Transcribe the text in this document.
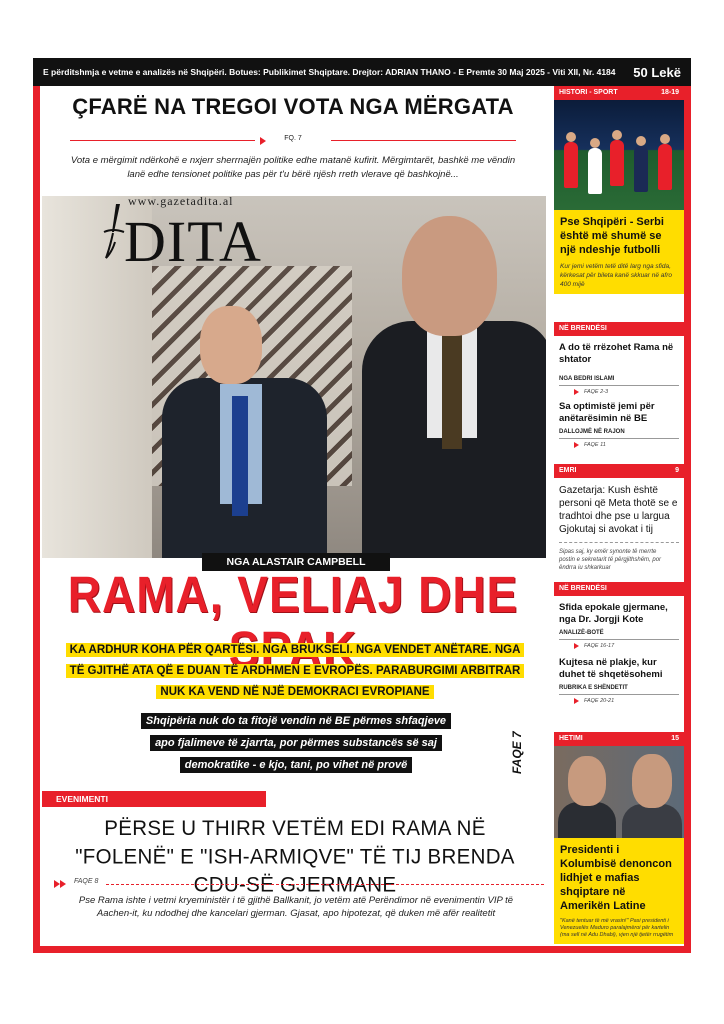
E përditshmja e vetme e analizës në Shqipëri. Botues: Publikimet Shqiptare. Drejtor: ADRIAN THANO - E Premte 30 Maj 2025 - Viti XII, Nr. 4184	50 Lekë
ÇFARË NA TREGOI VOTA NGA MËRGATA
FQ. 7
Vota e mërgimit ndërkohë e nxjerr sherrnajën politike edhe matanë kufirit. Mërgimtarët, bashkë me vëndin lanë edhe tensionet politike pas për t'u bërë njësh rreth vlerave që bashkojnë...
www.gazetadita.al
DITA
NGA ALASTAIR CAMPBELL
RAMA, VELIAJ DHE
KA ARDHUR KOHA PËR QARTËSI. NGA BRUKSELI. NGA VENDET ANËTARE. NGA TË GJITHË ATA QË E DUAN TË ARDHMEN E EVROPËS. PARABURGIMI ARBITRAR NUK KA VEND NË NJË DEMOKRACI EVROPIANE
Shqipëria nuk do ta fitojë vendin në BE përmes shfaqjeve apo fjalimeve të zjarrta, por përmes substancës së saj demokratike - e kjo, tani, po vihet në provë	FAQE 7
EVENIMENTI
PËRSE U THIRR VETËM EDI RAMA NË "FOLENË" E "ISH-ARMIQVE" TË TIJ BRENDA CDU-SË GJERMANE
FAQE 8
Pse Rama ishte i vetmi kryeministër i të gjithë Ballkanit, jo vetëm atë Perëndimor në evenimentin VIP të Aachen-it, ku ndodhej dhe kancelari gjerman. Gjasat, apo hipotezat, që duken më afër realitetit
HISTORI - SPORT	18-19
Pse Shqipëri - Serbi është më shumë se një ndeshje futbolli
Kur jemi vetëm tetë ditë larg nga sfida, kërkesat për bileta kanë skkuar në afro 400 mijë
NË BRENDËSI
A do të rrëzohet Rama në shtator
NGA BEDRI ISLAMI
FAQE 2-3
Sa optimistë jemi për anëtarësimin në BE
DALLOJMË NË RAJON
FAQE 11
EMRI	9
Gazetarja: Kush është personi që Meta thotë se e tradhtoi dhe pse u largua Gjokutaj si avokat i tij
Sipas saj, ky emër synonte të merrte postin e sekretarit të përgjithshëm, por ëndrra iu shkarkuar
NË BRENDËSI
Sfida epokale gjermane, nga Dr. Jorgji Kote
ANALIZË-BOTË
FAQE 16-17
Kujtesa në plakje, kur duhet të shqetësohemi
RUBRIKA E SHËNDETIT
FAQE 20-21
HETIMI	15
Presidenti i Kolumbisë denoncon lidhjet e mafias shqiptare në Amerikën Latine
"Kanë tentuar të më vrasin!" Pasi presidenti i Venezuelës Maduro paralajmëroi për kartelin (ma sell në Adu Dhabi), vjen një tjetër rrugëtim
